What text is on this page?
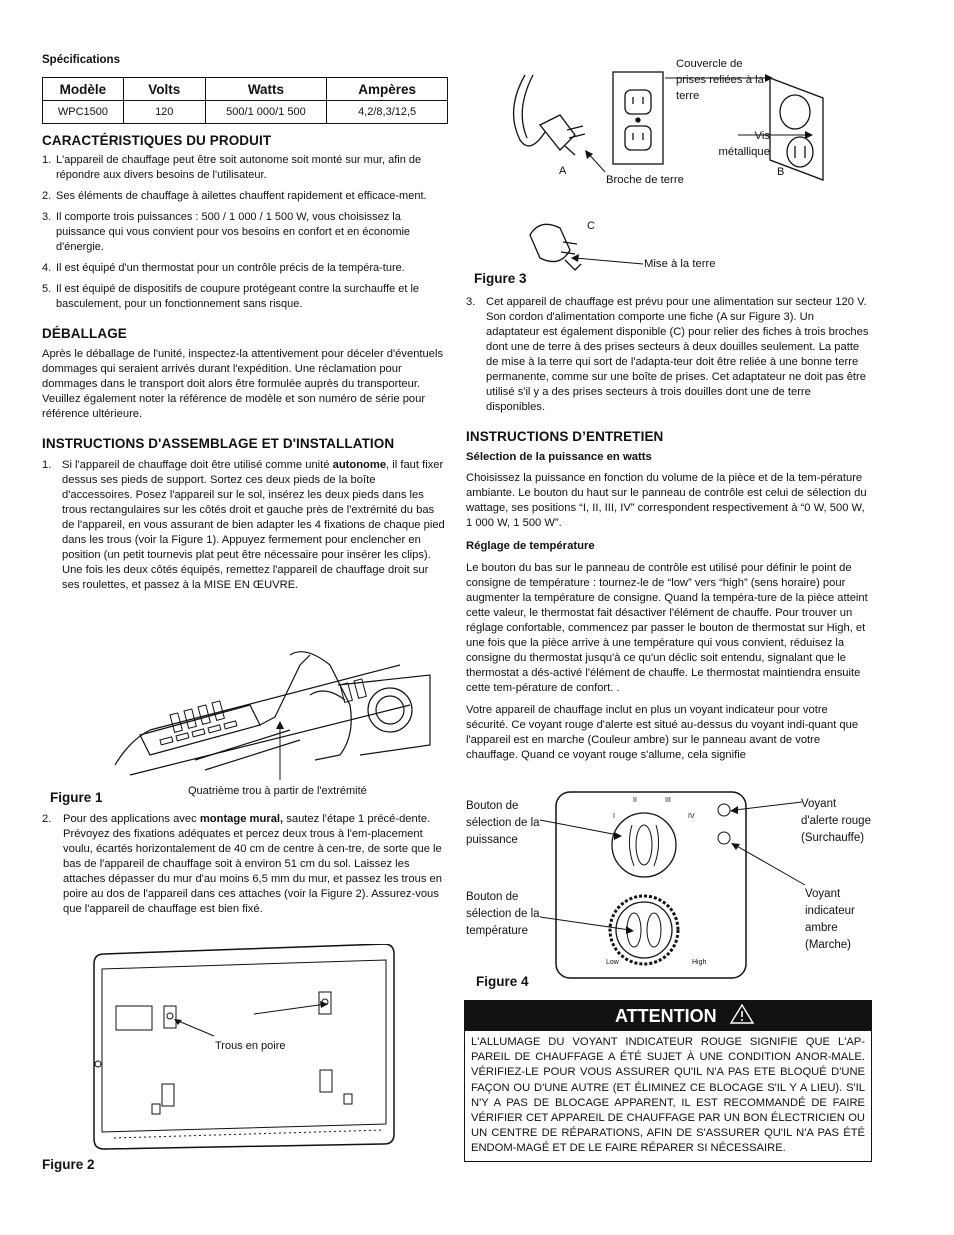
Spécifications
Modèle	Volts	Watts	Ampères
WPC1500	120	500/1 000/1 500	4,2/8,3/12,5
CARACTÉRISTIQUES DU PRODUIT
1. L'appareil de chauffage peut être soit autonome soit monté sur mur, afin de répondre aux divers besoins de l'utilisateur.
2. Ses éléments de chauffage à ailettes chauffent rapidement et efficace-ment.
3. Il comporte trois puissances : 500 / 1 000 / 1 500 W, vous choisissez la puissance qui vous convient pour vos besoins en confort et en économie d'énergie.
4. Il est équipé d'un thermostat pour un contrôle précis de la tempéra-ture.
5. Il est équipé de dispositifs de coupure protégeant contre la surchauffe et le basculement, pour un fonctionnement sans risque.
DÉBALLAGE

Après le déballage de l'unité, inspectez-la attentivement pour déceler d'éventuels dommages qui seraient arrivés durant l'expédition. Une réclamation pour dommages dans le transport doit alors être formulée auprès du transporteur. Veuillez également noter la référence de modèle et son numéro de série pour référence ultérieure.

INSTRUCTIONS D'ASSEMBLAGE ET D'INSTALLATION
1. Si l'appareil de chauffage doit être utilisé comme unité autonome, il faut fixer dessus ses pieds de support. Sortez ces deux pieds de la boîte d'accessoires. Posez l'appareil sur le sol, insérez les deux pieds dans les trous rectangulaires sur les côtés droit et gauche près de l'extrémité du bas de l'appareil, en vous assurant de bien adapter les 4 fixations de chaque pied dans les trous (voir la Figure 1). Appuyez fermement pour enclencher en position (un petit tournevis plat peut être nécessaire pour insérer les clips). Une fois les deux côtés équipés, remettez l'appareil de chauffage droit sur ses roulettes, et passez à la MISE EN ŒUVRE.
Figure 1	Quatrième trou à partir de l'extrémité
2. Pour des applications avec montage mural, sautez l'étape 1 précé-dente. Prévoyez des fixations adéquates et percez deux trous à l'em-placement voulu, écartés horizontalement de 40 cm de centre à cen-tre, de sorte que le bas de l'appareil de chauffage soit à environ 51 cm du sol. Laissez les attaches dépasser du mur d'au moins 6,5 mm du mur, et passez les trous en poire au dos de l'appareil dans ces attaches (voir la Figure 2). Assurez-vous que l'appareil de chauffage est bien fixé.
Trous en poire
Figure 2
Couvercle de prises reliées à la terre
Vis métallique
Broche de terre
A	B
C
Mise à la terre
Figure 3
3. Cet appareil de chauffage est prévu pour une alimentation sur secteur 120 V. Son cordon d'alimentation comporte une fiche (A sur Figure 3). Un adaptateur est également disponible (C) pour relier des fiches à trois broches dont une de terre à des prises secteurs à deux douilles seulement. La patte de mise à la terre qui sort de l'adapta-teur doit être reliée à une bonne terre permanente, comme sur une boîte de prises. Cet adaptateur ne doit pas être utilisé s'il y a des prises secteurs à trois douilles dont une de terre disponibles.
INSTRUCTIONS D’ENTRETIEN
Sélection de la puissance en watts

Choisissez la puissance en fonction du volume de la pièce et de la tem-pérature ambiante. Le bouton du haut sur le panneau de contrôle est celui de sélection du wattage, ses positions “I, II, III, IV” correspondent respectivement à “0 W, 500 W, 1 000 W, 1 500 W”.

Réglage de température

Le bouton du bas sur le panneau de contrôle est utilisé pour définir le point de consigne de température : tournez-le de “low” vers “high” (sens horaire) pour augmenter la température de consigne. Quand la tempéra-ture de la pièce atteint cette valeur, le thermostat fait désactiver l'élément de chauffe. Pour trouver un réglage confortable, commencez par passer le bouton de thermostat sur High, et une fois que la pièce arrive à une température qui vous convient, réduisez la consigne du thermostat jusqu'à ce qu'un déclic soit entendu, signalant que le thermostat a dés-activé l'élément de chauffe. Le thermostat maintiendra ensuite cette tem-pérature de confort. .

Votre appareil de chauffage inclut en plus un voyant indicateur pour votre sécurité. Ce voyant rouge d'alerte est situé au-dessus du voyant indi-quant que l'appareil est en marche (Couleur ambre) sur le panneau avant de votre chauffage. Quand ce voyant rouge s'allume, cela signifie

I
II	III
IV
Low	High
Bouton de sélection de la puissance
Bouton de sélection de la température
Voyant d'alerte rouge (Surchauffe)
Voyant indicateur ambre (Marche)
Figure 4
ATTENTION
L'ALLUMAGE DU VOYANT INDICATEUR ROUGE SIGNIFIE QUE L'AP-PAREIL DE CHAUFFAGE A ÉTÉ SUJET À UNE CONDITION ANOR-MALE. VÉRIFIEZ-LE POUR VOUS ASSURER QU'IL N'A PAS ETE BLOQUÉ D'UNE FAÇON OU D'UNE AUTRE (ET ÉLIMINEZ CE BLOCAGE S'IL Y A LIEU). S'IL N'Y A PAS DE BLOCAGE APPARENT, IL EST RECOMMANDÉ DE FAIRE VÉRIFIER CET APPAREIL DE CHAUFFAGE PAR UN BON ÉLECTRICIEN OU UN CENTRE DE RÉPARATIONS, AFIN DE S'ASSURER QU'IL N'A PAS ÉTÉ ENDOM-MAGÉ ET DE LE FAIRE RÉPARER SI NÉCESSAIRE.
